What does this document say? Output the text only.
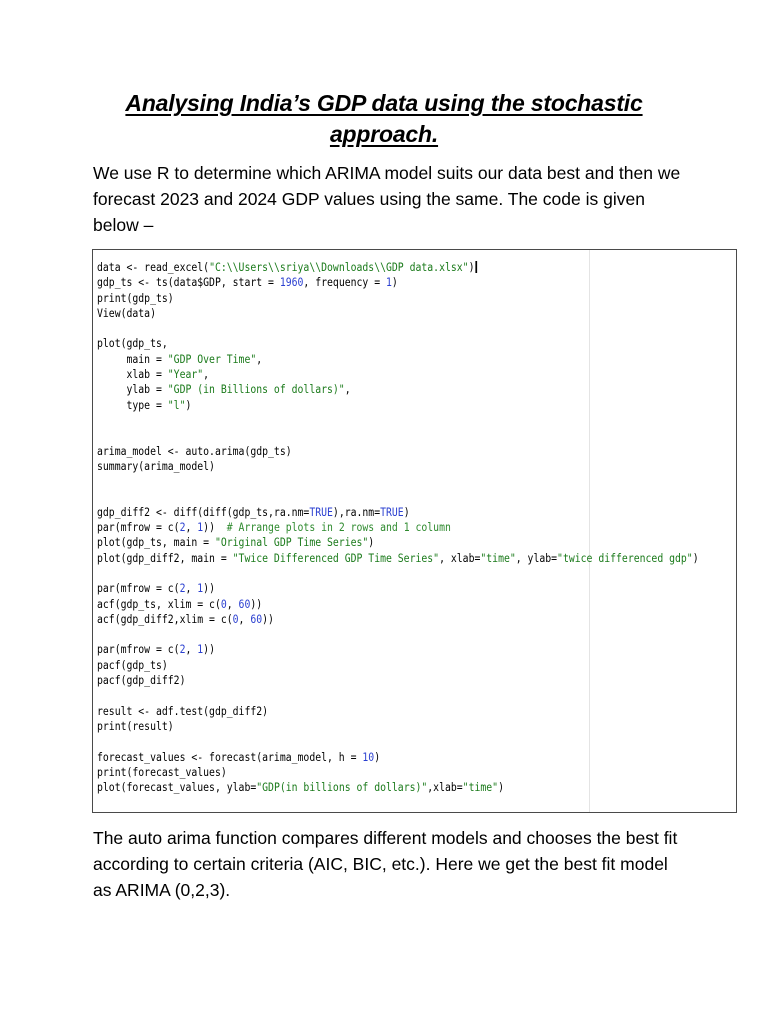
Analysing India’s GDP data using the stochastic approach.
We use R to determine which ARIMA model suits our data best and then we forecast 2023 and 2024 GDP values using the same. The code is given below –
data <- read_excel("C:\\Users\\sriya\\Downloads\\GDP data.xlsx")
gdp_ts <- ts(data$GDP, start = 1960, frequency = 1)
print(gdp_ts)
View(data)

plot(gdp_ts,
main = "GDP Over Time",
xlab = "Year",
ylab = "GDP (in Billions of dollars)",
type = "l")

arima_model <- auto.arima(gdp_ts)
summary(arima_model)

gdp_diff2 <- diff(diff(gdp_ts,ra.nm=TRUE),ra.nm=TRUE)
par(mfrow = c(2, 1))  # Arrange plots in 2 rows and 1 column
plot(gdp_ts, main = "Original GDP Time Series")
plot(gdp_diff2, main = "Twice Differenced GDP Time Series", xlab="time", ylab="twice differenced gdp")

par(mfrow = c(2, 1))
acf(gdp_ts, xlim = c(0, 60))
acf(gdp_diff2,xlim = c(0, 60))

par(mfrow = c(2, 1))
pacf(gdp_ts)
pacf(gdp_diff2)

result <- adf.test(gdp_diff2)
print(result)

forecast_values <- forecast(arima_model, h = 10)
print(forecast_values)
plot(forecast_values, ylab="GDP(in billions of dollars)",xlab="time")
The auto arima function compares different models and chooses the best fit according to certain criteria (AIC, BIC, etc.). Here we get the best fit model as ARIMA (0,2,3).
